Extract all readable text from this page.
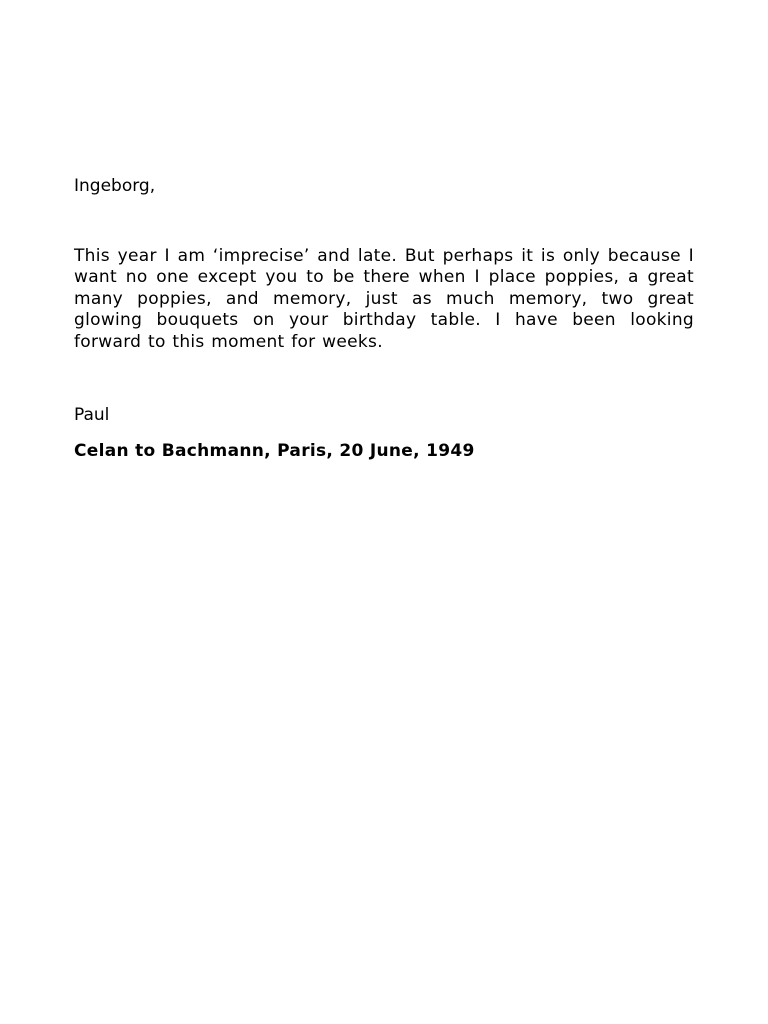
Ingeborg,

This year I am ‘imprecise’ and late. But perhaps it is only because I want no one except you to be there when I place poppies, a great many poppies, and memory, just as much memory, two great glowing bouquets on your birthday table. I have been looking forward to this moment for weeks.

Paul

Celan to Bachmann, Paris, 20 June, 1949
